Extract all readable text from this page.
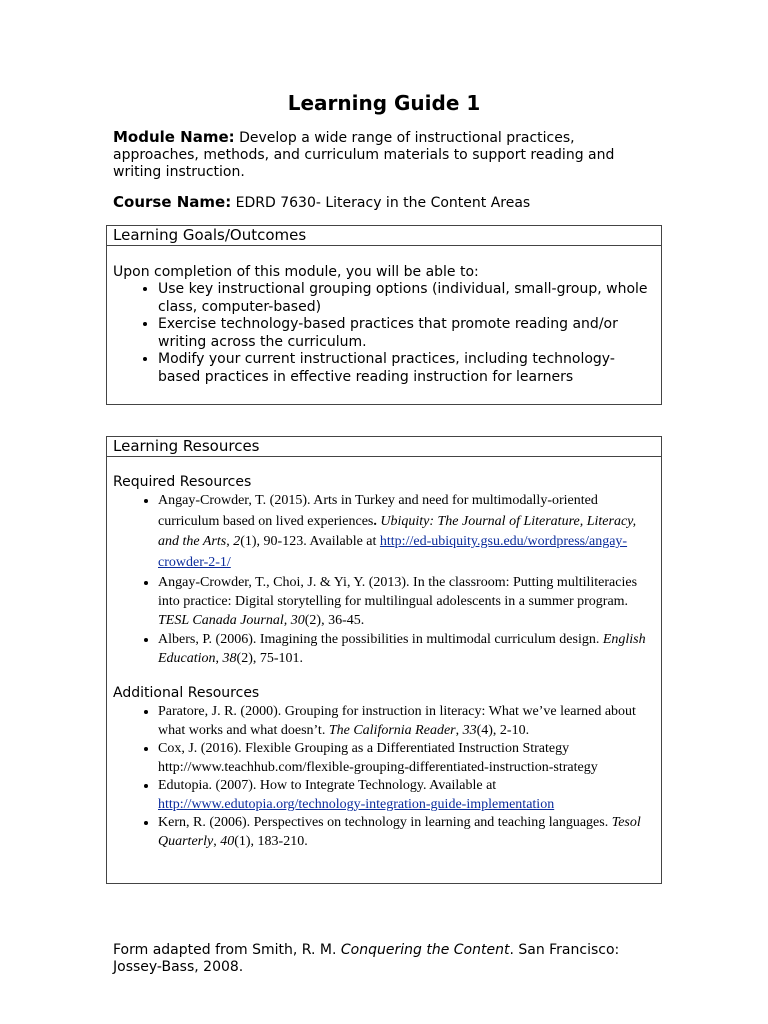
Learning Guide 1

Module Name: Develop a wide range of instructional practices, approaches, methods, and curriculum materials to support reading and writing instruction.

Course Name: EDRD 7630- Literacy in the Content Areas

Learning Goals/Outcomes
Upon completion of this module, you will be able to:
• Use key instructional grouping options (individual, small-group, whole class, computer-based)
• Exercise technology-based practices that promote reading and/or writing across the curriculum.
• Modify your current instructional practices, including technology-based practices in effective reading instruction for learners
Learning Resources
Required Resources
• Angay-Crowder, T. (2015). Arts in Turkey and need for multimodally-oriented curriculum based on lived experiences. Ubiquity: The Journal of Literature, Literacy, and the Arts, 2(1), 90-123. Available at http://ed-ubiquity.gsu.edu/wordpress/angay-crowder-2-1/
• Angay-Crowder, T., Choi, J. & Yi, Y. (2013). In the classroom: Putting multiliteracies into practice: Digital storytelling for multilingual adolescents in a summer program. TESL Canada Journal, 30(2), 36-45.
• Albers, P. (2006). Imagining the possibilities in multimodal curriculum design. English Education, 38(2), 75-101.
Additional Resources
• Paratore, J. R. (2000). Grouping for instruction in literacy: What we’ve learned about what works and what doesn’t. The California Reader, 33(4), 2-10.
• Cox, J. (2016). Flexible Grouping as a Differentiated Instruction Strategy http://www.teachhub.com/flexible-grouping-differentiated-instruction-strategy
• Edutopia. (2007). How to Integrate Technology. Available at http://www.edutopia.org/technology-integration-guide-implementation
• Kern, R. (2006). Perspectives on technology in learning and teaching languages. Tesol Quarterly, 40(1), 183-210.

Form adapted from Smith, R. M. Conquering the Content. San Francisco: Jossey-Bass, 2008.
